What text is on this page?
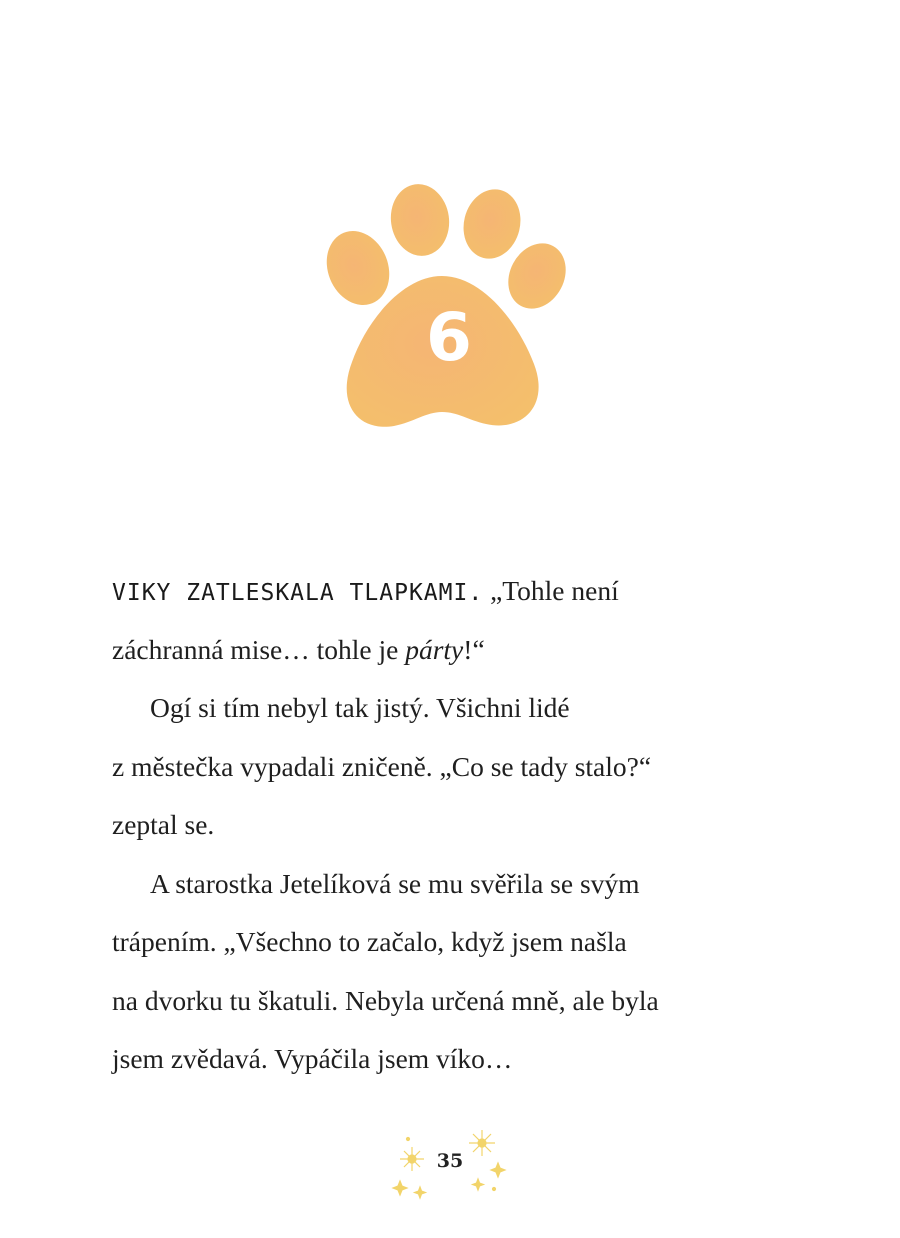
6
VIKY ZATLESKALA TLAPKAMI. „Tohle není
záchranná mise… tohle je párty!“
Ogí si tím nebyl tak jistý. Všichni lidé
z městečka vypadali zničeně. „Co se tady stalo?“
zeptal se.
A starostka Jetelíková se mu svěřila se svým
trápením. „Všechno to začalo, když jsem našla
na dvorku tu škatuli. Nebyla určená mně, ale byla
jsem zvědavá. Vypáčila jsem víko…
35
